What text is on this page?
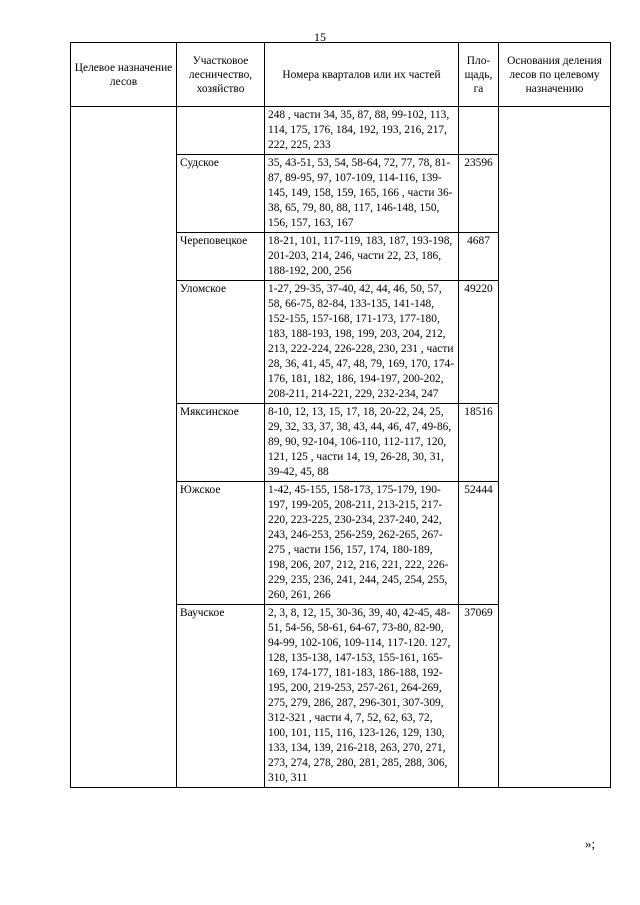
15
Целевое назначение лесов	Участковое лесничество, хозяйство	Номера кварталов или их частей	Пло-щадь, га	Основания деления лесов по целевому назначению
		248 , части 34, 35, 87, 88, 99-102, 113, 114, 175, 176, 184, 192, 193, 216, 217, 222, 225, 233		
	Судское	35, 43-51, 53, 54, 58-64, 72, 77, 78, 81-87, 89-95, 97, 107-109, 114-116, 139-145, 149, 158, 159, 165, 166 , части 36-38, 65, 79, 80, 88, 117, 146-148, 150, 156, 157, 163, 167	23596	
	Череповецкое	18-21, 101, 117-119, 183, 187, 193-198, 201-203, 214, 246, части 22, 23, 186, 188-192, 200, 256	4687	
	Уломское	1-27, 29-35, 37-40, 42, 44, 46, 50, 57, 58, 66-75, 82-84, 133-135, 141-148, 152-155, 157-168, 171-173, 177-180, 183, 188-193, 198, 199, 203, 204, 212, 213, 222-224, 226-228, 230, 231 , части 28, 36, 41, 45, 47, 48, 79, 169, 170, 174-176, 181, 182, 186, 194-197, 200-202, 208-211, 214-221, 229, 232-234, 247	49220	
	Мяксинское	8-10, 12, 13, 15, 17, 18, 20-22, 24, 25, 29, 32, 33, 37, 38, 43, 44, 46, 47, 49-86, 89, 90, 92-104, 106-110, 112-117, 120, 121, 125 , части 14, 19, 26-28, 30, 31, 39-42, 45, 88	18516	
	Южское	1-42, 45-155, 158-173, 175-179, 190-197, 199-205, 208-211, 213-215, 217-220, 223-225, 230-234, 237-240, 242, 243, 246-253, 256-259, 262-265, 267-275 , части 156, 157, 174, 180-189, 198, 206, 207, 212, 216, 221, 222, 226-229, 235, 236, 241, 244, 245, 254, 255, 260, 261, 266	52444	
	Ваучское	2, 3, 8, 12, 15, 30-36, 39, 40, 42-45, 48-51, 54-56, 58-61, 64-67, 73-80, 82-90, 94-99, 102-106, 109-114, 117-120. 127, 128, 135-138, 147-153, 155-161, 165-169, 174-177, 181-183, 186-188, 192-195, 200, 219-253, 257-261, 264-269, 275, 279, 286, 287, 296-301, 307-309, 312-321 , части 4, 7, 52, 62, 63, 72, 100, 101, 115, 116, 123-126, 129, 130, 133, 134, 139, 216-218, 263, 270, 271, 273, 274, 278, 280, 281, 285, 288, 306, 310, 311	37069	
»;
